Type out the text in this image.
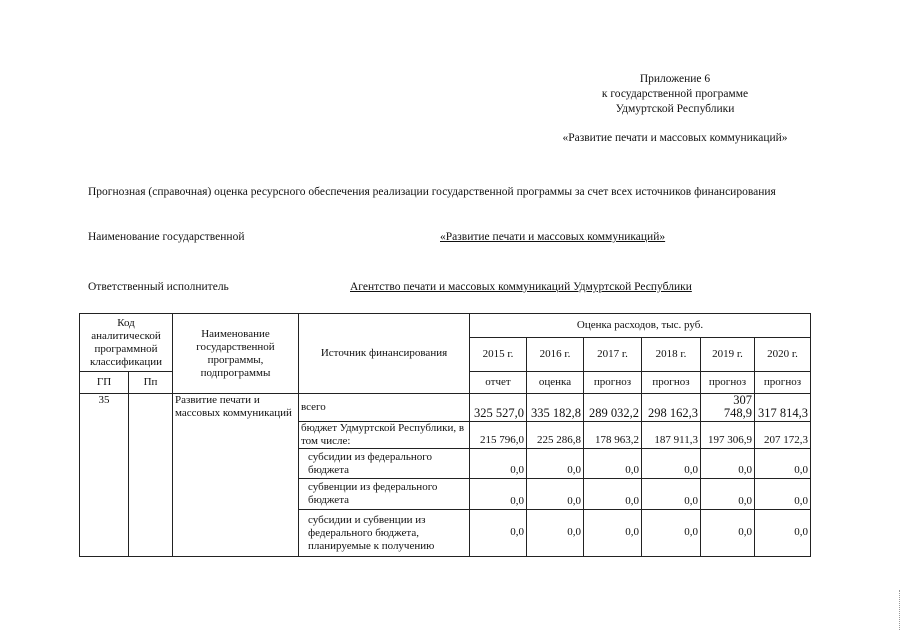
Приложение 6
к государственной программе
Удмуртской Республики
«Развитие печати и массовых коммуникаций»
Прогнозная (справочная) оценка ресурсного обеспечения реализации государственной программы за счет всех источников финансирования
Наименование государственной	«Развитие печати и массовых коммуникаций»
Ответственный исполнитель	Агентство печати и массовых коммуникаций Удмуртской Республики
Код аналитической программной классификации		Наименование государственной программы, подпрограммы	Источник финансирования	Оценка расходов, тыс. руб.					
				2015 г.	2016 г.	2017 г.	2018 г.	2019 г.	2020 г.
ГП	Пп			отчет	оценка	прогноз	прогноз	прогноз	прогноз
35		Развитие печати и массовых коммуникаций	всего	325 527,0	335 182,8	289 032,2	298 162,3	307 748,9	317 814,3
			бюджет Удмуртской Республики, в том числе:	215 796,0	225 286,8	178 963,2	187 911,3	197 306,9	207 172,3
			субсидии из федерального бюджета	0,0	0,0	0,0	0,0	0,0	0,0
			субвенции из федерального бюджета	0,0	0,0	0,0	0,0	0,0	0,0
			субсидии и субвенции из федерального бюджета, планируемые к получению	0,0	0,0	0,0	0,0	0,0	0,0
